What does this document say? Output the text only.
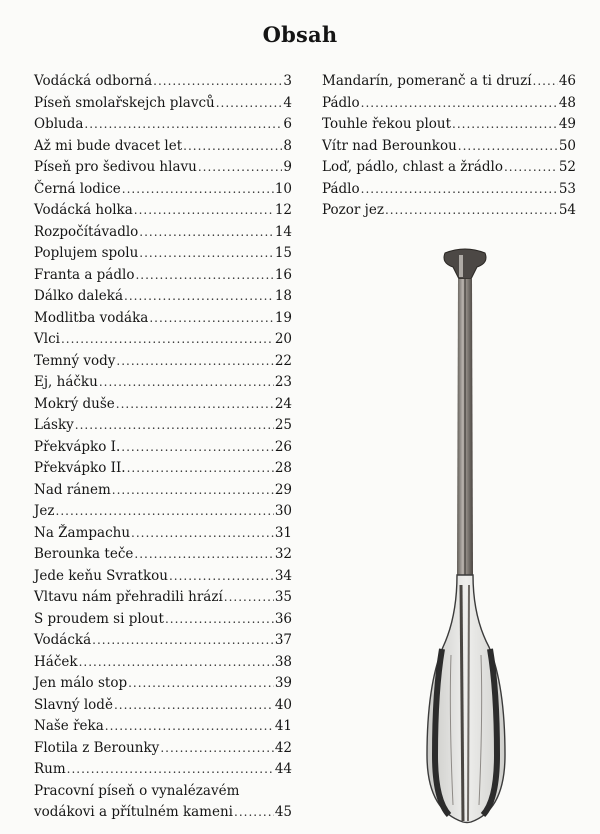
Obsah
Vodácká odborná .....	3
Píseň smolařskejch plavců .....	4
Obluda .....	6
Až mi bude dvacet let .....	8
Píseň pro šedivou hlavu .....	9
Černá lodice .....	10
Vodácká holka .....	12
Rozpočítávadlo .....	14
Poplujem spolu .....	15
Franta a pádlo .....	16
Dálko daleká .....	18
Modlitba vodáka .....	19
Vlci .....	20
Temný vody .....	22
Ej, háčku .....	23
Mokrý duše .....	24
Lásky .....	25
Překvápko I. .....	26
Překvápko II. .....	28
Nad ránem .....	29
Jez .....	30
Na Žampachu .....	31
Berounka teče .....	32
Jede keňu Svratkou .....	34
Vltavu nám přehradili hrází .....	35
S proudem si plout .....	36
Vodácká .....	37
Háček .....	38
Jen málo stop .....	39
Slavný lodě .....	40
Naše řeka .....	41
Flotila z Berounky .....	42
Rum .....	44
Pracovní píseň o vynalézavém
vodákovi a přítulném kameni .....	45
Mandarín, pomeranč a ti druzí ..... 46
Pádlo .....	48
Touhle řekou plout .....	49
Vítr nad Berounkou .....	50
Loď, pádlo, chlast a žrádlo .....	52
Pádlo .....	53
Pozor jez .....	54
